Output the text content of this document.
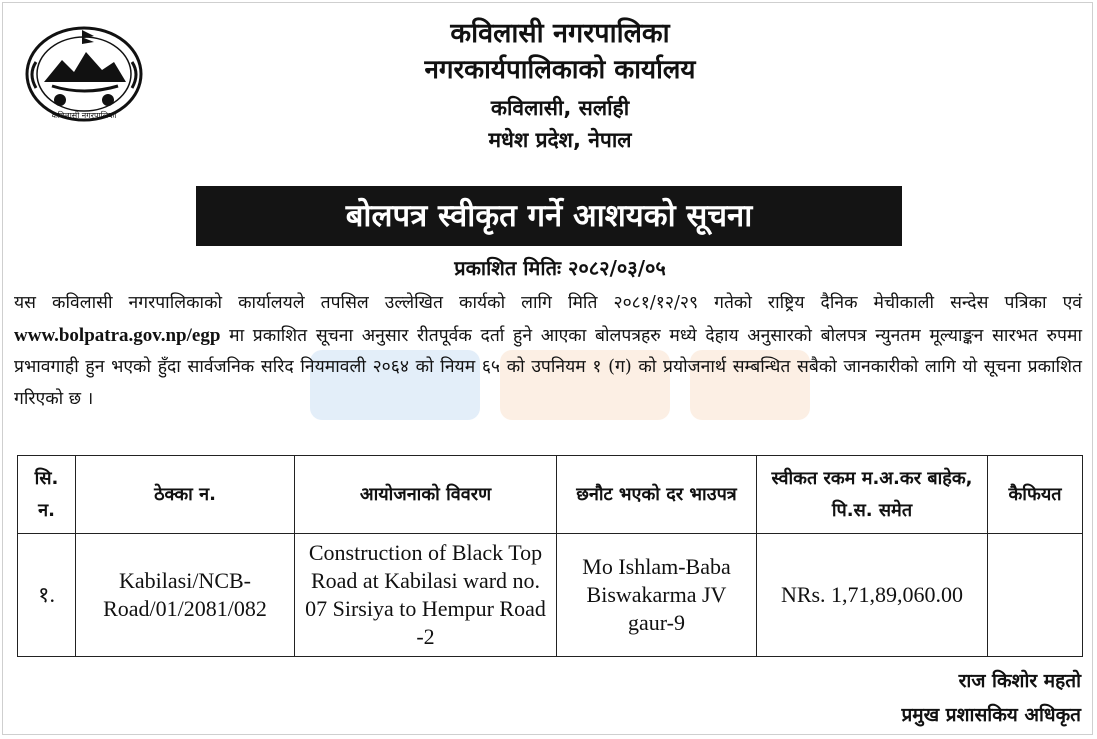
कविलासी नगरपालिका
कविलासी नगरपालिका
नगरकार्यपालिकाको कार्यालय
कविलासी, सर्लाही
मधेश प्रदेश, नेपाल
बोलपत्र स्वीकृत गर्ने आशयको सूचना
प्रकाशित मितिः २०८२/०३/०५

यस कविलासी नगरपालिकाको कार्यालयले तपसिल उल्लेखित कार्यको लागि मिति २०८१/१२/२९ गतेको राष्ट्रिय दैनिक मेचीकाली सन्देस पत्रिका एवं www.bolpatra.gov.np/egp मा प्रकाशित सूचना अनुसार रीतपूर्वक दर्ता हुने आएका बोलपत्रहरु मध्ये देहाय अनुसारको बोलपत्र न्युनतम मूल्याङ्कन सारभत रुपमा प्रभावगाही हुन भएको हुँदा सार्वजनिक सरिद नियमावली २०६४ को नियम ६५ को उपनियम १ (ग) को प्रयोजनार्थ सम्बन्धित सबैको जानकारीको लागि यो सूचना प्रकाशित गरिएको छ ।

सि. न.	ठेक्का न.	आयोजनाको विवरण	छनौट भएको दर भाउपत्र	स्वीकत रकम म.अ.कर बाहेक, पि.स. समेत	कैफियत
१.	Kabilasi/NCB-Road/01/2081/082	Construction of Black Top Road at Kabilasi ward no. 07 Sirsiya to Hempur Road -2	Mo Ishlam-Baba Biswakarma JV gaur-9	NRs. 1,71,89,060.00	
राज किशोर महतो
प्रमुख प्रशासकिय अधिकृत
